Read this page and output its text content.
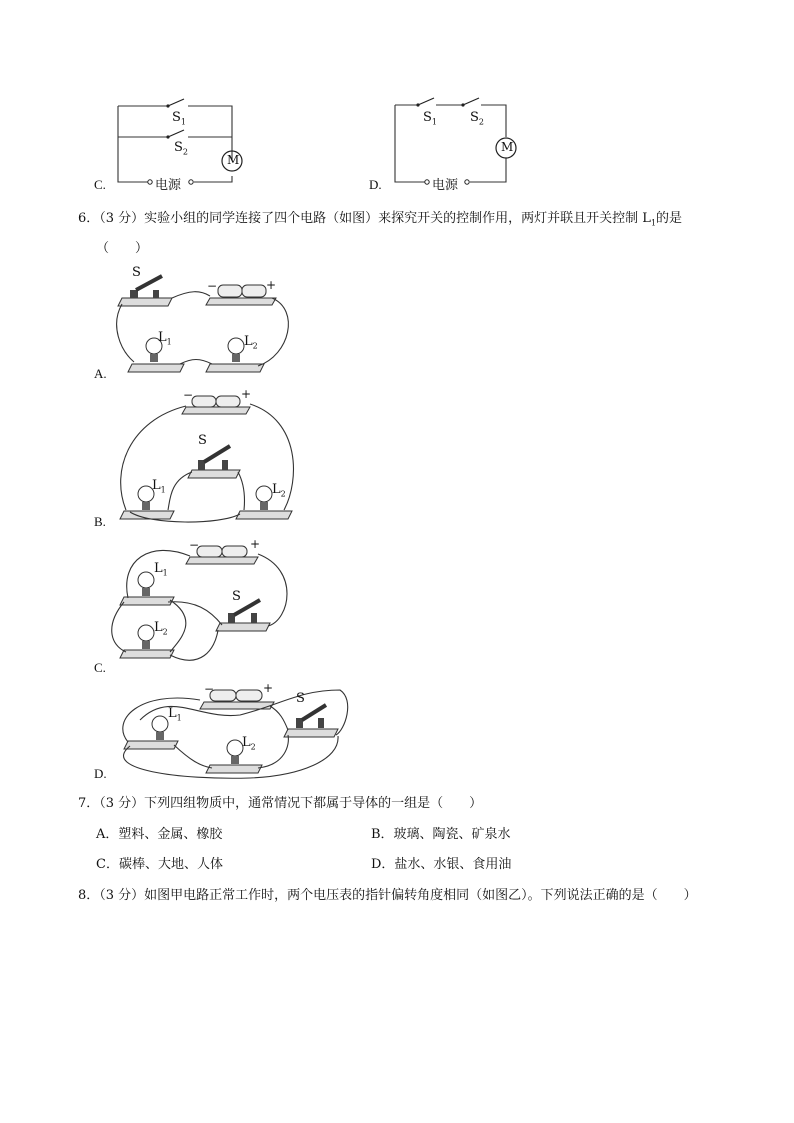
C.
$S_1$
$S_2$
M
电源	D.
$S_1$	$S_2$
M
电源
6．（3 分）实验小组的同学连接了四个电路（如图）来探究开关的控制作用，两灯并联且开关控制 $L_1$的是
（　　）
A.
S
−	+
$L_1$	$L_2$
B.
S
−	+
$L_1$	$L_2$
C.
S
−	+
$L_1$
$L_2$
D.
S
−	+
$L_1$
$L_2$
7．（3 分）下列四组物质中，通常情况下都属于导体的一组是（　　）
A．塑料、金属、橡胶	B．玻璃、陶瓷、矿泉水
C．碳棒、大地、人体	D．盐水、水银、食用油
8．（3 分）如图甲电路正常工作时，两个电压表的指针偏转角度相同（如图乙）。下列说法正确的是（　　）
